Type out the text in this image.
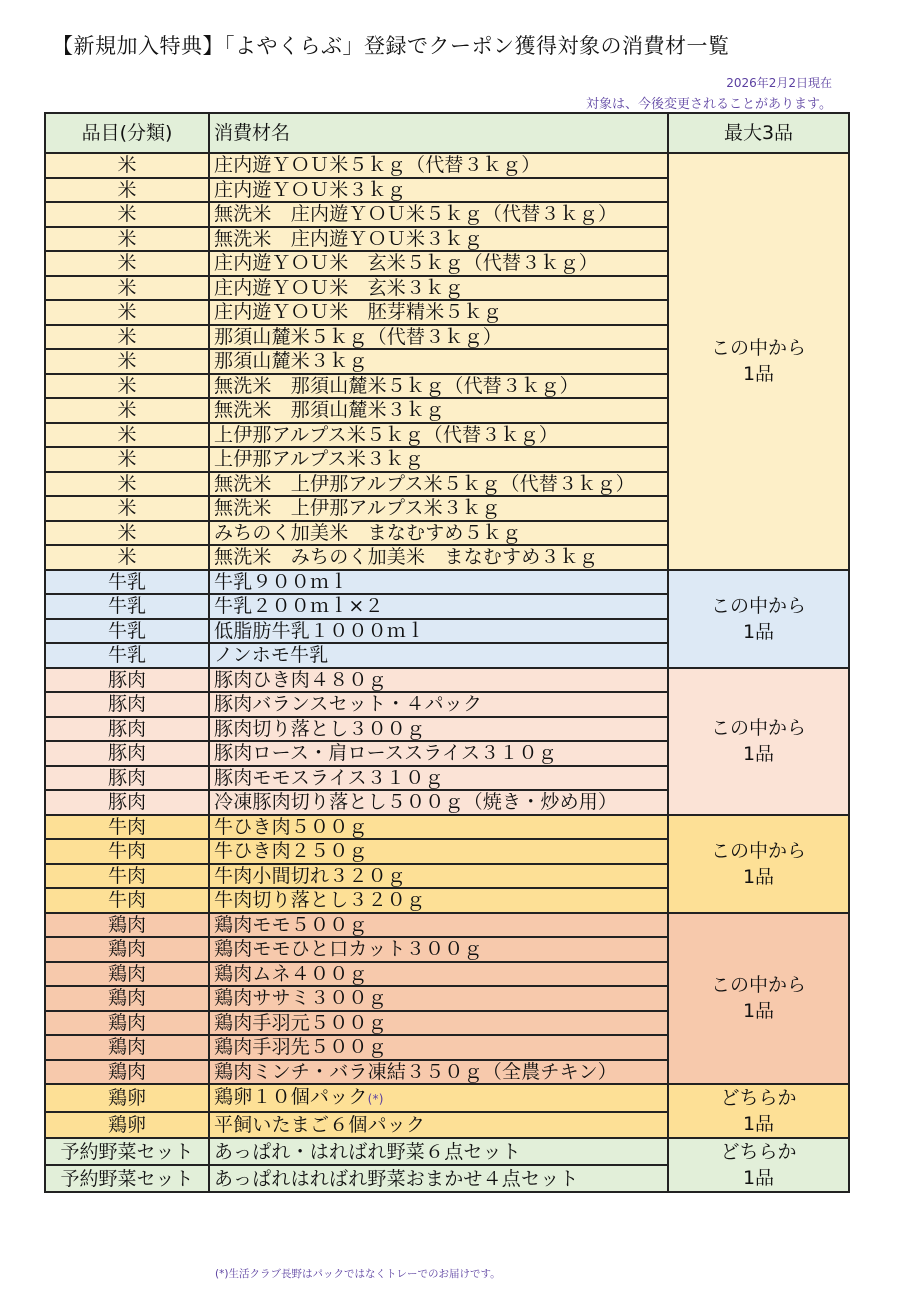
【新規加入特典】「よやくらぶ」登録でクーポン獲得対象の消費材一覧
2026年2月2日現在
対象は、今後変更されることがあります。
品目(分類)	消費材名	最大3品
米	庄内遊ＹＯＵ米５ｋｇ（代替３ｋｇ）	この中から
1品

米	庄内遊ＹＯＵ米３ｋｇ	
米	無洗米　庄内遊ＹＯＵ米５ｋｇ（代替３ｋｇ）	
米	無洗米　庄内遊ＹＯＵ米３ｋｇ	
米	庄内遊ＹＯＵ米　玄米５ｋｇ（代替３ｋｇ）	
米	庄内遊ＹＯＵ米　玄米３ｋｇ	
米	庄内遊ＹＯＵ米　胚芽精米５ｋｇ	
米	那須山麓米５ｋｇ（代替３ｋｇ）	
米	那須山麓米３ｋｇ	
米	無洗米　那須山麓米５ｋｇ（代替３ｋｇ）	
米	無洗米　那須山麓米３ｋｇ	
米	上伊那アルプス米５ｋｇ（代替３ｋｇ）	
米	上伊那アルプス米３ｋｇ	
米	無洗米　上伊那アルプス米５ｋｇ（代替３ｋｇ）	
米	無洗米　上伊那アルプス米３ｋｇ	
米	みちのく加美米　まなむすめ５ｋｇ	
米	無洗米　みちのく加美米　まなむすめ３ｋｇ	
牛乳	牛乳９００ｍｌ	この中から
1品

牛乳	牛乳２００ｍｌ×２	
牛乳	低脂肪牛乳１０００ｍｌ	
牛乳	ノンホモ牛乳	
豚肉	豚肉ひき肉４８０ｇ	この中から
1品

豚肉	豚肉バランスセット・４パック	
豚肉	豚肉切り落とし３００ｇ	
豚肉	豚肉ロース・肩ローススライス３１０ｇ	
豚肉	豚肉モモスライス３１０ｇ	
豚肉	冷凍豚肉切り落とし５００ｇ（焼き・炒め用）	
牛肉	牛ひき肉５００ｇ	この中から
1品

牛肉	牛ひき肉２５０ｇ	
牛肉	牛肉小間切れ３２０ｇ	
牛肉	牛肉切り落とし３２０ｇ	
鶏肉	鶏肉モモ５００ｇ	この中から
1品

鶏肉	鶏肉モモひと口カット３００ｇ	
鶏肉	鶏肉ムネ４００ｇ	
鶏肉	鶏肉ササミ３００ｇ	
鶏肉	鶏肉手羽元５００ｇ	
鶏肉	鶏肉手羽先５００ｇ	
鶏肉	鶏肉ミンチ・バラ凍結３５０ｇ（全農チキン）	
鶏卵	鶏卵１０個パック(*)	どちらか
1品

鶏卵	平飼いたまご６個パック	
予約野菜セット	あっぱれ・はればれ野菜６点セット	どちらか
1品

予約野菜セット	あっぱれはればれ野菜おまかせ４点セット	
(*)生活クラブ長野はパックではなくトレーでのお届けです。
